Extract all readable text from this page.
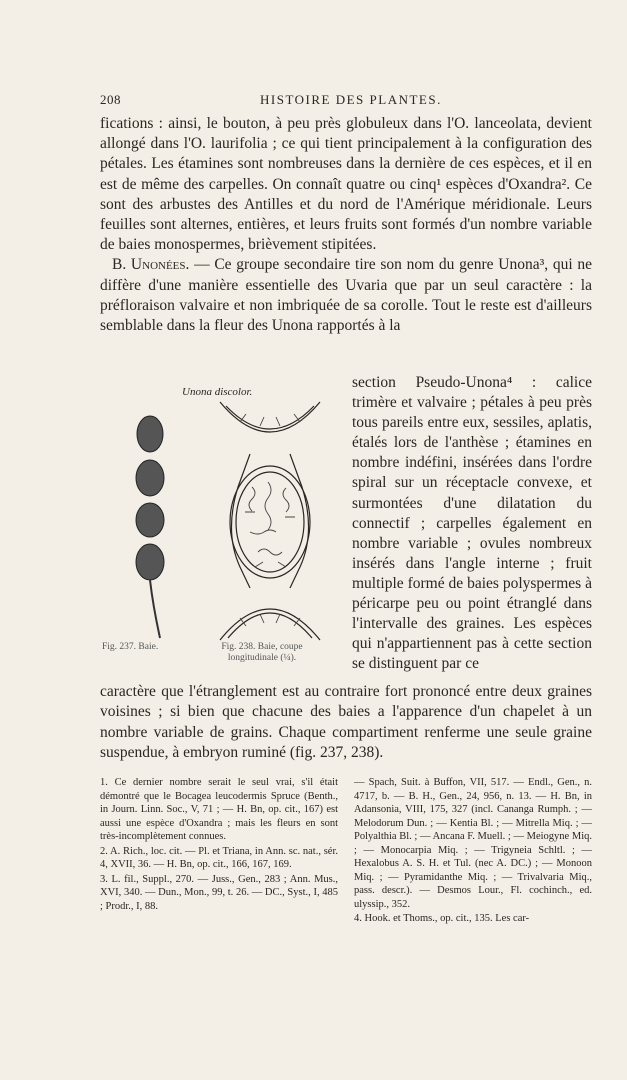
208	HISTOIRE DES PLANTES.

fications : ainsi, le bouton, à peu près globuleux dans l'O. lanceolata, devient allongé dans l'O. laurifolia ; ce qui tient principalement à la configuration des pétales. Les étamines sont nombreuses dans la dernière de ces espèces, et il en est de même des carpelles. On connaît quatre ou cinq¹ espèces d'Oxandra². Ce sont des arbustes des Antilles et du nord de l'Amérique méridionale. Leurs feuilles sont alternes, entières, et leurs fruits sont formés d'un nombre variable de baies monospermes, brièvement stipitées.

B. Unonées. — Ce groupe secondaire tire son nom du genre Unona³, qui ne diffère d'une manière essentielle des Uvaria que par un seul caractère : la préfloraison valvaire et non imbriquée de sa corolle. Tout le reste est d'ailleurs semblable dans la fleur des Unona rapportés à la

Unona discolor.
Fig. 237. Baie.	Fig. 238. Baie, coupe longitudinale (¼).
section Pseudo-Unona⁴ : calice trimère et valvaire ; pétales à peu près tous pareils entre eux, sessiles, aplatis, étalés lors de l'anthèse ; étamines en nombre indéfini, insérées dans l'ordre spiral sur un réceptacle convexe, et surmontées d'une dilatation du connectif ; carpelles également en nombre variable ; ovules nombreux insérés dans l'angle interne ; fruit multiple formé de baies polyspermes à péricarpe peu ou point étranglé dans l'intervalle des graines. Les espèces qui n'appartiennent pas à cette section se distinguent par ce
caractère que l'étranglement est au contraire fort prononcé entre deux graines voisines ; si bien que chacune des baies a l'apparence d'un chapelet à un nombre variable de grains. Chaque compartiment renferme une seule graine suspendue, à embryon ruminé (fig. 237, 238).

1. Ce dernier nombre serait le seul vrai, s'il était démontré que le Bocagea leucodermis Spruce (Benth., in Journ. Linn. Soc., V, 71 ; — H. Bn, op. cit., 167) est aussi une espèce d'Oxandra ; mais les fleurs en sont très-incomplètement connues.

2. A. Rich., loc. cit. — Pl. et Triana, in Ann. sc. nat., sér. 4, XVII, 36. — H. Bn, op. cit., 166, 167, 169.

3. L. fil., Suppl., 270. — Juss., Gen., 283 ; Ann. Mus., XVI, 340. — Dun., Mon., 99, t. 26. — DC., Syst., I, 485 ; Prodr., I, 88.

— Spach, Suit. à Buffon, VII, 517. — Endl., Gen., n. 4717, b. — B. H., Gen., 24, 956, n. 13. — H. Bn, in Adansonia, VIII, 175, 327 (incl. Cananga Rumph. ; — Melodorum Dun. ; — Kentia Bl. ; — Mitrella Miq. ; — Polyalthia Bl. ; — Ancana F. Muell. ; — Meiogyne Miq. ; — Monocarpia Miq. ; — Trigyneia Schltl. ; — Hexalobus A. S. H. et Tul. (nec A. DC.) ; — Monoon Miq. ; — Pyramidanthe Miq. ; — Trivalvaria Miq., pass. descr.). — Desmos Lour., Fl. cochinch., ed. ulyssip., 352.

4. Hook. et Thoms., op. cit., 135. Les car-
